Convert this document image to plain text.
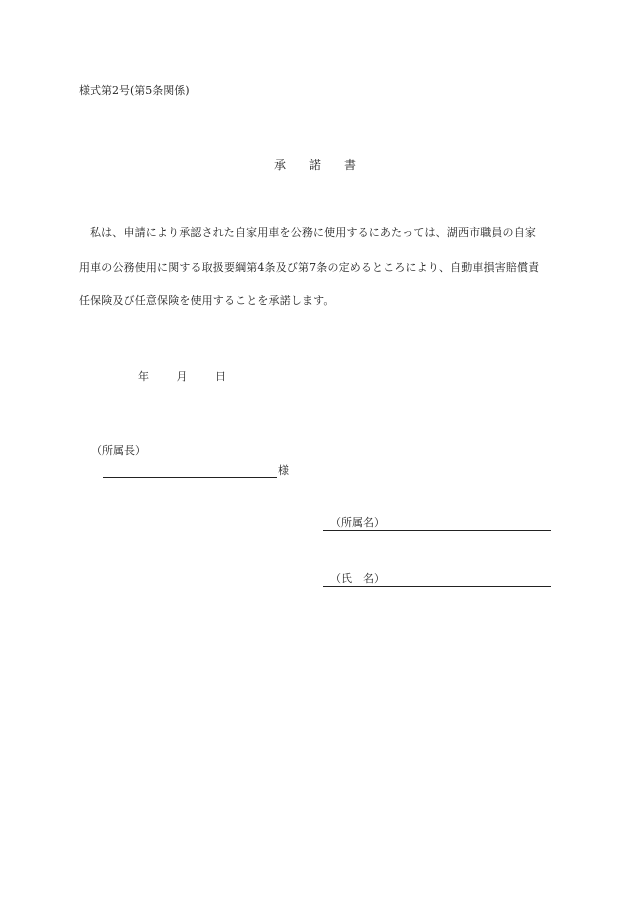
様式第2号(第5条関係)
承 諾 書
私は、申請により承認された自家用車を公務に使用するにあたっては、湖西市職員の自家
用車の公務使用に関する取扱要綱第4条及び第7条の定めるところにより、自動車損害賠償責
任保険及び任意保険を使用することを承諾します。
年	月	日
（所属長）
様
（所属名）
（氏　名）
